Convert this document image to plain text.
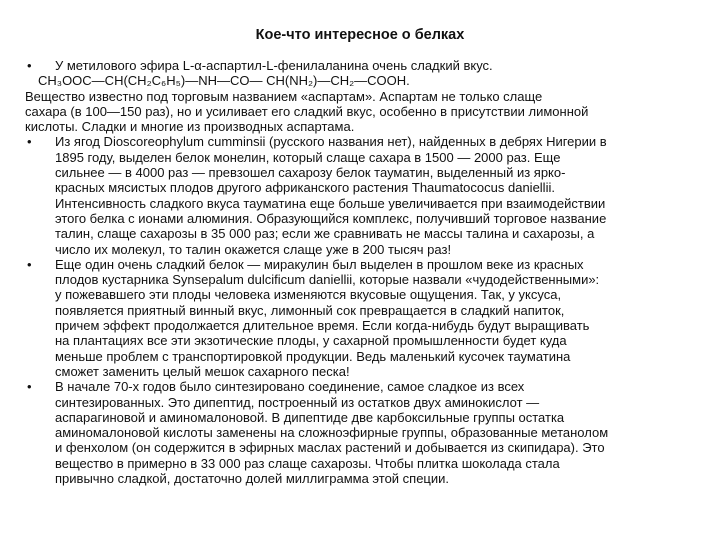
Кое-что интересное о белках
• У метилового эфира L-α-аспартил-L-фенилаланина очень сладкий вкус.
CH₃OOC—CH(CH₂C₆H₅)—NH—CO— CH(NH₂)—CH₂—COOH.
Вещество известно под торговым названием «аспартам». Аспартам не только слаще
сахара (в 100—150 раз), но и усиливает его сладкий вкус, особенно в присутствии лимонной
кислоты. Сладки и многие из производных аспартама.
• Из ягод Dioscoreophylum cumminsii (русского названия нет), найденных в дебрях Нигерии в
1895 году, выделен белок монелин, который слаще сахара в 1500 — 2000 раз. Еще
сильнее — в 4000 раз — превзошел сахарозу белок тауматин, выделенный из ярко-
красных мясистых плодов другого африканского растения Thaumatococus daniellii.
Интенсивность сладкого вкуса тауматина еще больше увеличивается при взаимодействии
этого белка с ионами алюминия. Образующийся комплекс, получивший торговое название
талин, слаще сахарозы в 35 000 раз; если же сравнивать не массы талина и сахарозы, а
число их молекул, то талин окажется слаще уже в 200 тысяч раз!
• Еще один очень сладкий белок — миракулин был выделен в прошлом веке из красных
плодов кустарника Synsepalum dulcificum daniellii, которые назвали «чудодейственными»:
у пожевавшего эти плоды человека изменяются вкусовые ощущения. Так, у уксуса,
появляется приятный винный вкус, лимонный сок превращается в сладкий напиток,
причем эффект продолжается длительное время. Если когда-нибудь будут выращивать
на плантациях все эти экзотические плоды, у сахарной промышленности будет куда
меньше проблем с транспортировкой продукции. Ведь маленький кусочек тауматина
сможет заменить целый мешок сахарного песка!
• В начале 70-х годов было синтезировано соединение, самое сладкое из всех
синтезированных. Это дипептид, построенный из остатков двух аминокислот —
аспарагиновой и аминомалоновой. В дипептиде две карбоксильные группы остатка
аминомалоновой кислоты заменены на сложноэфирные группы, образованные метанолом
и фенхолом (он содержится в эфирных маслах растений и добывается из скипидара). Это
вещество в примерно в 33 000 раз слаще сахарозы. Чтобы плитка шоколада стала
привычно сладкой, достаточно долей миллиграмма этой специи.
